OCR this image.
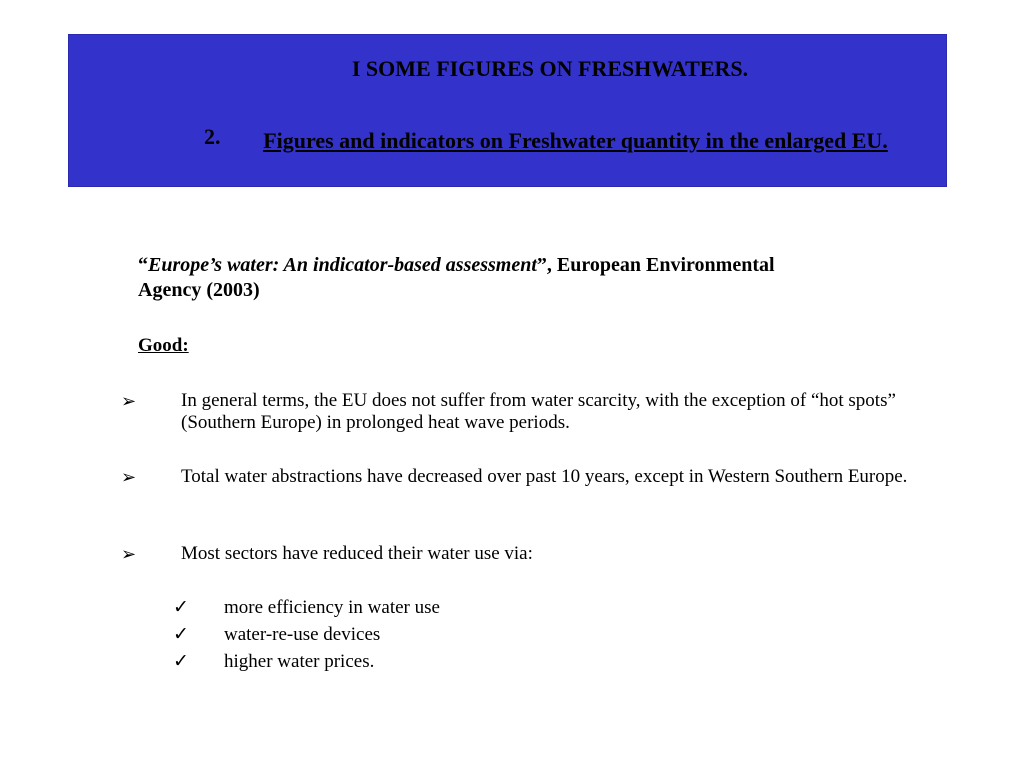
I SOME FIGURES ON FRESHWATERS.
2.	Figures and indicators on Freshwater quantity in the enlarged EU.
“Europe’s water: An indicator-based assessment”, European Environmental Agency (2003)
Good:
➢ In general terms, the EU does not suffer from water scarcity, with the exception of “hot spots” (Southern Europe) in prolonged heat wave periods.
➢ Total water abstractions have decreased over past 10 years, except in Western Southern Europe.
➢ Most sectors have reduced their water use via:
✓ more efficiency in water use
✓ water-re-use devices
✓ higher water prices.
